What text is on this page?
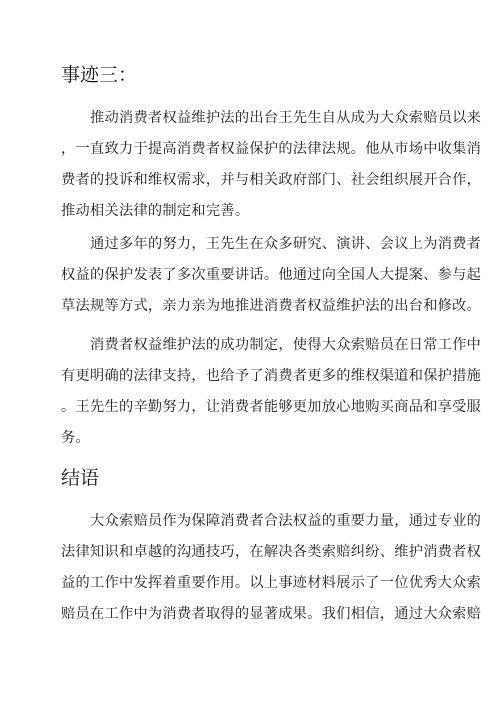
事迹三：
推动消费者权益维护法的出台王先生自从成为大众索赔员以来
，一直致力于提高消费者权益保护的法律法规。他从市场中收集消
费者的投诉和维权需求，并与相关政府部门、社会组织展开合作，
推动相关法律的制定和完善。
通过多年的努力，王先生在众多研究、演讲、会议上为消费者
权益的保护发表了多次重要讲话。他通过向全国人大提案、参与起
草法规等方式，亲力亲为地推进消费者权益维护法的出台和修改。
消费者权益维护法的成功制定，使得大众索赔员在日常工作中
有更明确的法律支持，也给予了消费者更多的维权渠道和保护措施
。王先生的辛勤努力，让消费者能够更加放心地购买商品和享受服
务。
结语
大众索赔员作为保障消费者合法权益的重要力量，通过专业的
法律知识和卓越的沟通技巧，在解决各类索赔纠纷、维护消费者权
益的工作中发挥着重要作用。以上事迹材料展示了一位优秀大众索
赔员在工作中为消费者取得的显著成果。我们相信，通过大众索赔
